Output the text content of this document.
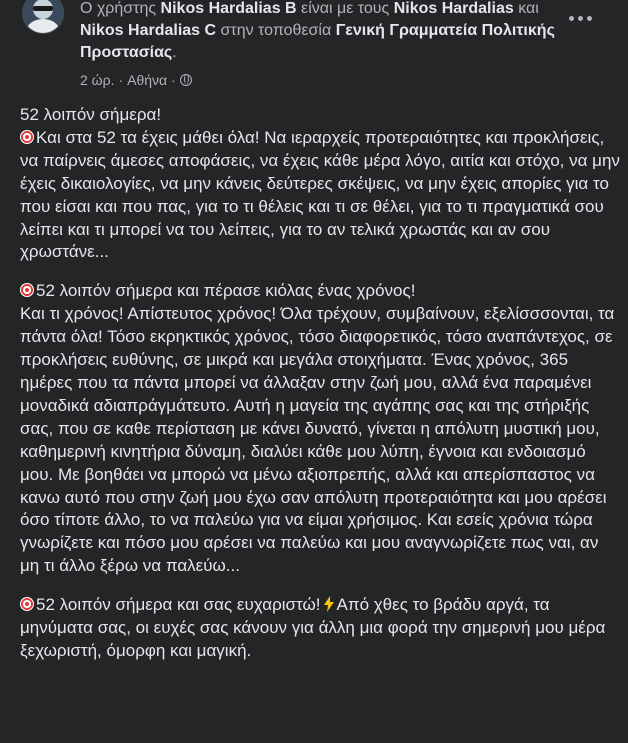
Ο χρήστης Nikos Hardalias B είναι με τους Nikos Hardalias και Nikos Hardalias C στην τοποθεσία Γενική Γραμματεία Πολιτικής Προστασίας.
2 ώρ. · Αθήνα ·

52 λοιπόν σήμερα!
Και στα 52 τα έχεις μάθει όλα! Να ιεραρχείς προτεραιότητες και προκλήσεις, να παίρνεις άμεσες αποφάσεις, να έχεις κάθε μέρα λόγο, αιτία και στόχο, να μην έχεις δικαιολογίες, να μην κάνεις δεύτερες σκέψεις, να μην έχεις απορίες για το που είσαι και που πας, για το τι θέλεις και τι σε θέλει, για το τι πραγματικά σου λείπει και τι μπορεί να του λείπεις, για το αν τελικά χρωστάς και αν σου χρωστάνε...

52 λοιπόν σήμερα και πέρασε κιόλας ένας χρόνος!
Και τι χρόνος! Απίστευτος χρόνος! Όλα τρέχουν, συμβαίνουν, εξελίσσσονται, τα πάντα όλα! Τόσο εκρηκτικός χρόνος, τόσο διαφορετικός, τόσο αναπάντεχος, σε προκλήσεις ευθύνης, σε μικρά και μεγάλα στοιχήματα. Ένας χρόνος, 365 ημέρες που τα πάντα μπορεί να άλλαξαν στην ζωή μου, αλλά ένα παραμένει μοναδικά αδιαπράγμάτευτο. Αυτή η μαγεία της αγάπης σας και της στήριξής σας, που σε καθε περίσταση με κάνει δυνατό, γίνεται η απόλυτη μυστική μου, καθημερινή κινητήρια δύναμη, διαλύει κάθε μου λύπη, έγνοια και ενδοιασμό μου. Με βοηθάει να μπορώ να μένω αξιοπρεπής, αλλά και απερίσπαστος να κανω αυτό που στην ζωή μου έχω σαν απόλυτη προτεραιότητα και μου αρέσει όσο τίποτε άλλο, το να παλεύω για να είμαι χρήσιμος. Και εσείς χρόνια τώρα γνωρίζετε και πόσο μου αρέσει να παλεύω και μου αναγνωρίζετε πως ναι, αν μη τι άλλο ξέρω να παλεύω...

52 λοιπόν σήμερα και σας ευχαριστώ! Από χθες το βράδυ αργά, τα μηνύματα σας, οι ευχές σας κάνουν για άλλη μια φορά την σημερινή μου μέρα ξεχωριστή, όμορφη και μαγική.
